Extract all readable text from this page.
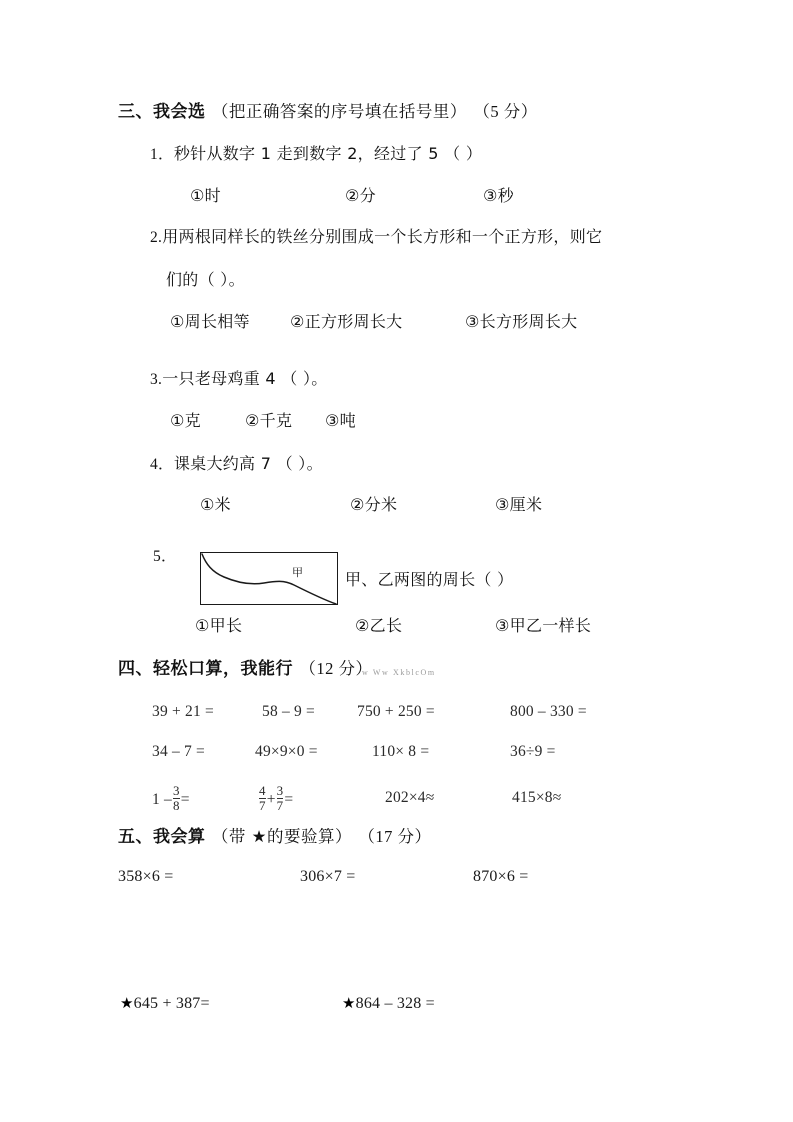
三、我会选 （把正确答案的序号填在括号里） （5 分）
1．秒针从数字 1 走到数字 2，经过了 5 （ ）
①时	②分	③秒
2.用两根同样长的铁丝分别围成一个长方形和一个正方形，则它
们的（ ）。
①周长相等	②正方形周长大	③长方形周长大
3.一只老母鸡重 4 （ ）。
①克	②千克 ③吨
4．课桌大约高 7 （ ）。
①米	②分米	③厘米
5．
甲	甲、乙两图的周长（ ）
①甲长	②乙长	③甲乙一样长
四、轻松口算，我能行 （12 分）
w Ww XkblcOm
39 + 21 =	58 – 9 =	750 + 250 =	800 – 330 =
34 – 7 =	49×9×0 =	110× 8 =	36÷9 =
$1 - \frac{3}{8}$ =	$\frac{4}{7} + \frac{3}{7}$ =	202×4≈	415×8≈
五、我会算 （带 ★的要验算） （17 分）
358×6 =	306×7 =	870×6 =
★645 + 387=	★864 – 328 =
